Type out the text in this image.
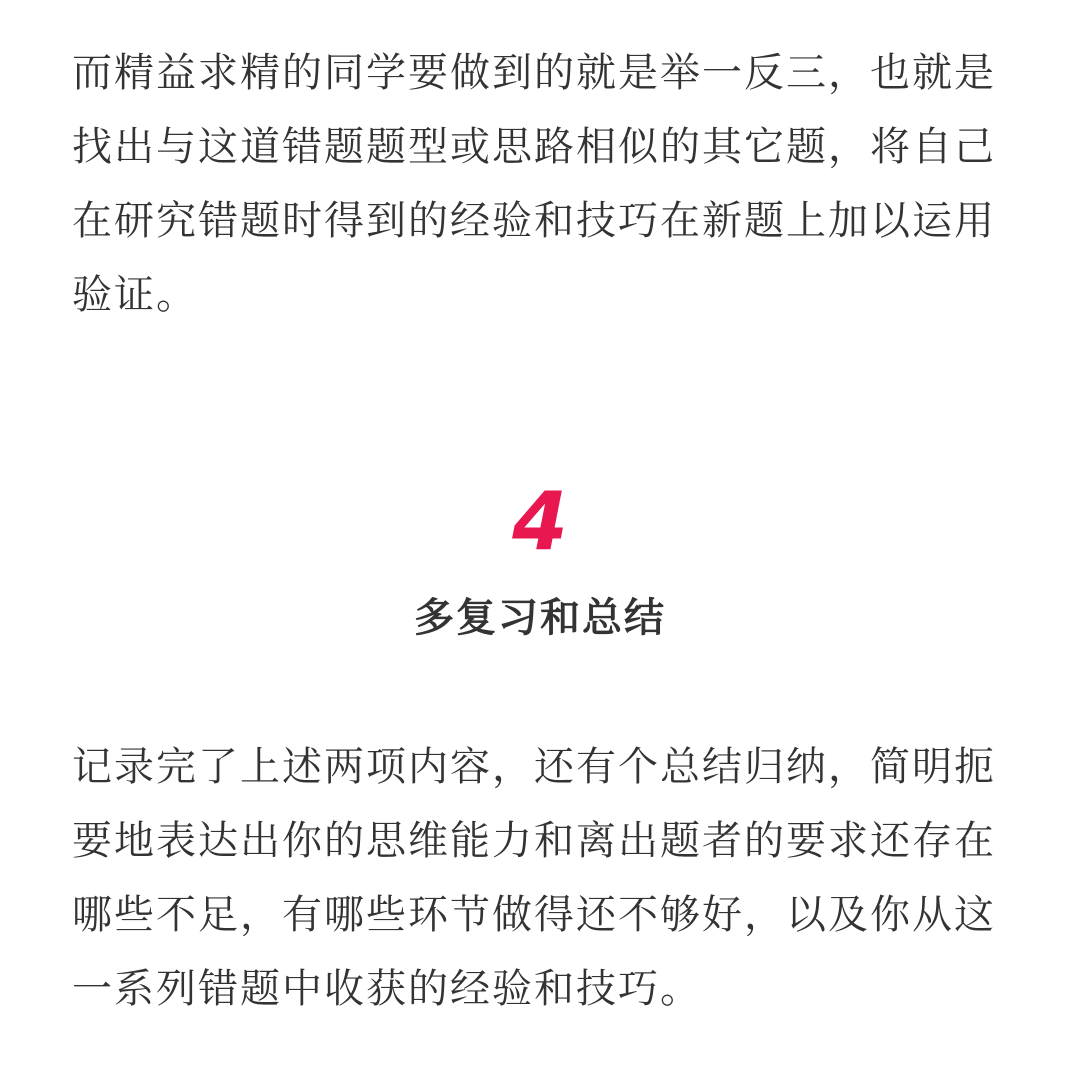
而精益求精的同学要做到的就是举一反三，也就是找出与这道错题题型或思路相似的其它题，将自己在研究错题时得到的经验和技巧在新题上加以运用验证。

4
多复习和总结

记录完了上述两项内容，还有个总结归纳，简明扼要地表达出你的思维能力和离出题者的要求还存在哪些不足，有哪些环节做得还不够好，以及你从这一系列错题中收获的经验和技巧。
